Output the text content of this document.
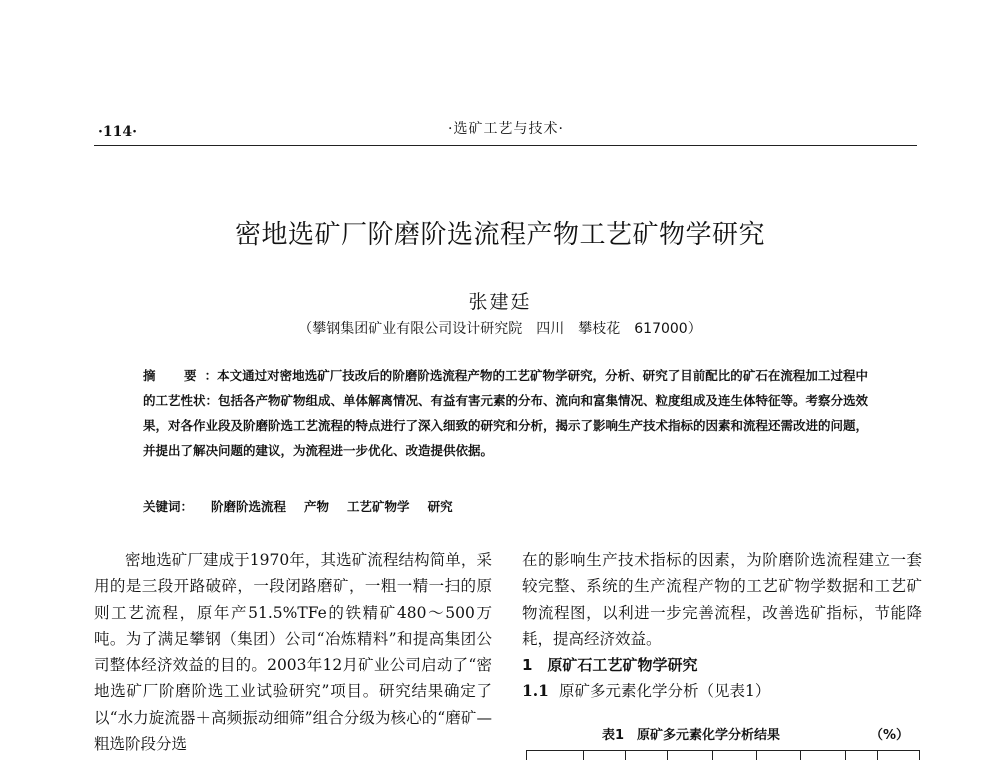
·114·	·选矿工艺与技术·
密地选矿厂阶磨阶选流程产物工艺矿物学研究
张建廷
（攀钢集团矿业有限公司设计研究院　四川　攀枝花　617000）
摘　要：本文通过对密地选矿厂技改后的阶磨阶选流程产物的工艺矿物学研究，分析、研究了目前配比的矿石在流程加工过程中的工艺性状：包括各产物矿物组成、单体解离情况、有益有害元素的分布、流向和富集情况、粒度组成及连生体特征等。考察分选效果，对各作业段及阶磨阶选工艺流程的特点进行了深入细致的研究和分析，揭示了影响生产技术指标的因素和流程还需改进的问题，并提出了解决问题的建议，为流程进一步优化、改造提供依据。
关键词： 阶磨阶选流程 产物 工艺矿物学 研究

密地选矿厂建成于1970年，其选矿流程结构简单，采用的是三段开路破碎，一段闭路磨矿，一粗一精一扫的原则工艺流程，原年产51.5%TFe的铁精矿480～500万吨。为了满足攀钢（集团）公司“冶炼精料”和提高集团公司整体经济效益的目的。2003年12月矿业公司启动了“密地选矿厂阶磨阶选工业试验研究”项目。研究结果确定了以“水力旋流器＋高频振动细筛”组合分级为核心的“磨矿—粗选阶段分选

在的影响生产技术指标的因素，为阶磨阶选流程建立一套较完整、系统的生产流程产物的工艺矿物学数据和工艺矿物流程图，以利进一步完善流程，改善选矿指标，节能降耗，提高经济效益。

1　原矿石工艺矿物学研究

1.1 原矿多元素化学分析（见表1）

表1　原矿多元素化学分析结果	（%）
